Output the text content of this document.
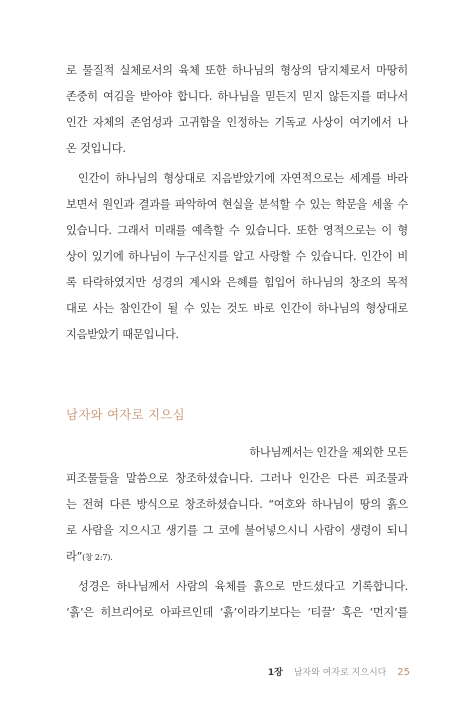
로 물질적 실체로서의 육체 또한 하나님의 형상의 담지체로서 마땅히
존중히 여김을 받아야 합니다. 하나님을 믿든지 믿지 않든지를 떠나서
인간 자체의 존엄성과 고귀함을 인정하는 기독교 사상이 여기에서 나
온 것입니다.
인간이 하나님의 형상대로 지음받았기에 자연적으로는 세계를 바라
보면서 원인과 결과를 파악하여 현실을 분석할 수 있는 학문을 세울 수
있습니다. 그래서 미래를 예측할 수 있습니다. 또한 영적으로는 이 형
상이 있기에 하나님이 누구신지를 알고 사랑할 수 있습니다. 인간이 비
록 타락하였지만 성경의 계시와 은혜를 힘입어 하나님의 창조의 목적
대로 사는 참인간이 될 수 있는 것도 바로 인간이 하나님의 형상대로
지음받았기 때문입니다.
남자와 여자로 지으심
하나님께서는 인간을 제외한 모든
피조물들을 말씀으로 창조하셨습니다. 그러나 인간은 다른 피조물과
는 전혀 다른 방식으로 창조하셨습니다. “여호와 하나님이 땅의 흙으
로 사람을 지으시고 생기를 그 코에 불어넣으시니 사람이 생령이 되니
라”(창 2:7).
성경은 하나님께서 사람의 육체를 흙으로 만드셨다고 기록합니다.
‘흙’은 히브리어로 아파르인데 ‘흙’이라기보다는 ‘티끌’ 혹은 ‘먼지’를
1장 남자와 여자로 지으시다 25
